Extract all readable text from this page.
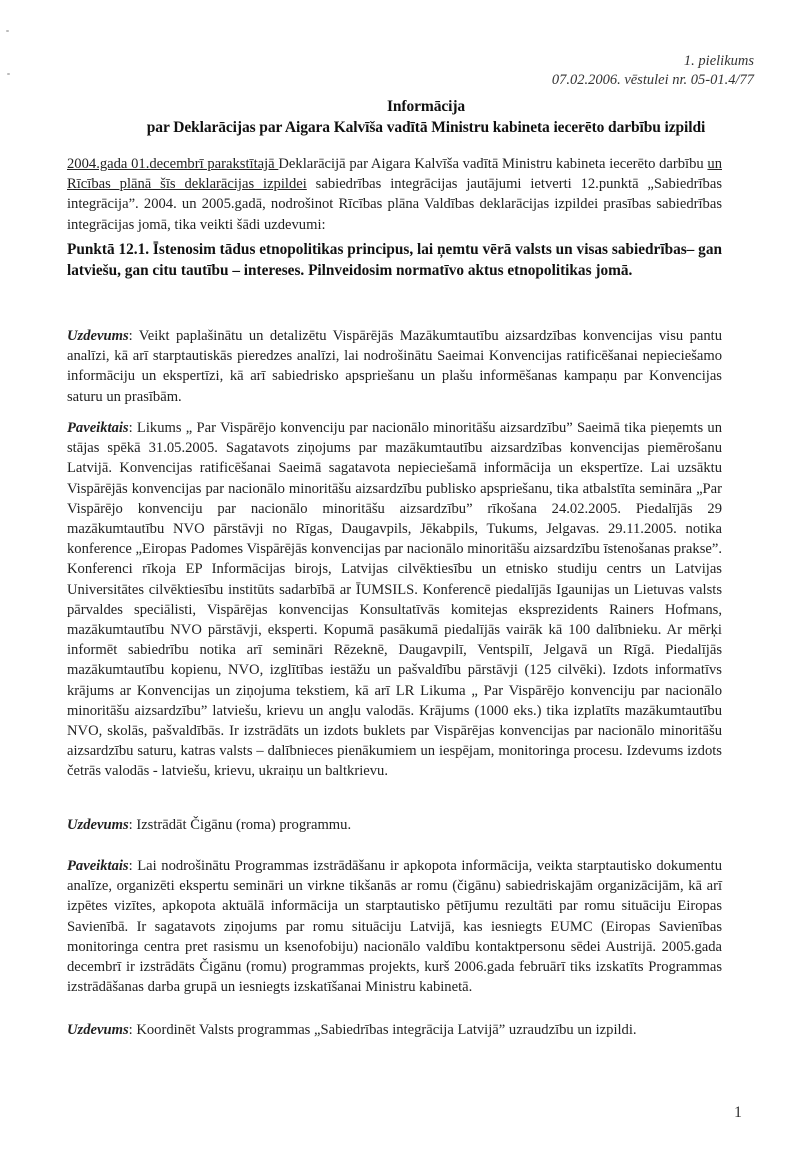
1. pielikums
07.02.2006. vēstulei nr. 05-01.4/77
Informācija
par Deklarācijas par Aigara Kalvīša vadītā Ministru kabineta iecerēto darbību izpildi

2004.gada 01.decembrī parakstītajā Deklarācijā par Aigara Kalvīša vadītā Ministru kabineta iecerēto darbību un Rīcības plānā šīs deklarācijas izpildei sabiedrības integrācijas jautājumi ietverti 12.punktā „Sabiedrības integrācija”. 2004. un 2005.gadā, nodrošinot Rīcības plāna Valdības deklarācijas izpildei prasības sabiedrības integrācijas jomā, tika veikti šādi uzdevumi:

Punktā 12.1. Īstenosim tādus etnopolitikas principus, lai ņemtu vērā valsts un visas sabiedrības– gan latviešu, gan citu tautību – intereses. Pilnveidosim normatīvo aktus etnopolitikas jomā.

Uzdevums: Veikt paplašinātu un detalizētu Vispārējās Mazākumtautību aizsardzības konvencijas visu pantu analīzi, kā arī starptautiskās pieredzes analīzi, lai nodrošinātu Saeimai Konvencijas ratificēšanai nepieciešamo informāciju un ekspertīzi, kā arī sabiedrisko apspriešanu un plašu informēšanas kampaņu par Konvencijas saturu un prasībām.

Paveiktais: Likums „ Par Vispārējo konvenciju par nacionālo minoritāšu aizsardzību” Saeimā tika pieņemts un stājas spēkā 31.05.2005. Sagatavots ziņojums par mazākumtautību aizsardzības konvencijas piemērošanu Latvijā. Konvencijas ratificēšanai Saeimā sagatavota nepieciešamā informācija un ekspertīze. Lai uzsāktu Vispārējās konvencijas par nacionālo minoritāšu aizsardzību publisko apspriešanu, tika atbalstīta semināra „Par Vispārējo konvenciju par nacionālo minoritāšu aizsardzību” rīkošana 24.02.2005. Piedalījās 29 mazākumtautību NVO pārstāvji no Rīgas, Daugavpils, Jēkabpils, Tukums, Jelgavas. 29.11.2005. notika konference „Eiropas Padomes Vispārējās konvencijas par nacionālo minoritāšu aizsardzību īstenošanas prakse”. Konferenci rīkoja EP Informācijas birojs, Latvijas cilvēktiesību un etnisko studiju centrs un Latvijas Universitātes cilvēktiesību institūts sadarbībā ar ĪUMSILS. Konferencē piedalījās Igaunijas un Lietuvas valsts pārvaldes speciālisti, Vispārējas konvencijas Konsultatīvās komitejas eksprezidents Rainers Hofmans, mazākumtautību NVO pārstāvji, eksperti. Kopumā pasākumā piedalījās vairāk kā 100 dalībnieku. Ar mērķi informēt sabiedrību notika arī semināri Rēzeknē, Daugavpilī, Ventspilī, Jelgavā un Rīgā. Piedalījās mazākumtautību kopienu, NVO, izglītības iestāžu un pašvaldību pārstāvji (125 cilvēki). Izdots informatīvs krājums ar Konvencijas un ziņojuma tekstiem, kā arī LR Likuma „ Par Vispārējo konvenciju par nacionālo minoritāšu aizsardzību” latviešu, krievu un angļu valodās. Krājums (1000 eks.) tika izplatīts mazākumtautību NVO, skolās, pašvaldībās. Ir izstrādāts un izdots buklets par Vispārējas konvencijas par nacionālo minoritāšu aizsardzību saturu, katras valsts – dalībnieces pienākumiem un iespējam, monitoringa procesu. Izdevums izdots četrās valodās - latviešu, krievu, ukraiņu un baltkrievu.

Uzdevums: Izstrādāt Čigānu (roma) programmu.

Paveiktais: Lai nodrošinātu Programmas izstrādāšanu ir apkopota informācija, veikta starptautisko dokumentu analīze, organizēti ekspertu semināri un virkne tikšanās ar romu (čigānu) sabiedriskajām organizācijām, kā arī izpētes vizītes, apkopota aktuālā informācija un starptautisko pētījumu rezultāti par romu situāciju Eiropas Savienībā. Ir sagatavots ziņojums par romu situāciju Latvijā, kas iesniegts EUMC (Eiropas Savienības monitoringa centra pret rasismu un ksenofobiju) nacionālo valdību kontaktpersonu sēdei Austrijā. 2005.gada decembrī ir izstrādāts Čigānu (romu) programmas projekts, kurš 2006.gada februārī tiks izskatīts Programmas izstrādāšanas darba grupā un iesniegts izskatīšanai Ministru kabinetā.

Uzdevums: Koordinēt Valsts programmas „Sabiedrības integrācija Latvijā” uzraudzību un izpildi.

1
